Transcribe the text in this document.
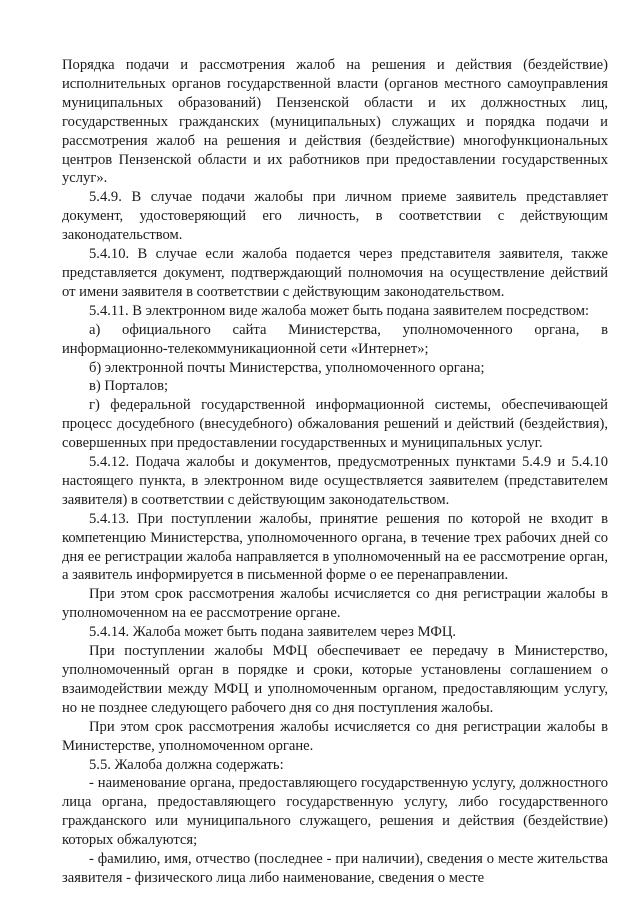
Порядка подачи и рассмотрения жалоб на решения и действия (бездействие) исполнительных органов государственной власти (органов местного самоуправления муниципальных образований) Пензенской области и их должностных лиц, государственных гражданских (муниципальных) служащих и порядка подачи и рассмотрения жалоб на решения и действия (бездействие) многофункциональных центров Пензенской области и их работников при предоставлении государственных услуг».

5.4.9. В случае подачи жалобы при личном приеме заявитель представляет документ, удостоверяющий его личность, в соответствии с действующим законодательством.

5.4.10. В случае если жалоба подается через представителя заявителя, также представляется документ, подтверждающий полномочия на осуществление действий от имени заявителя в соответствии с действующим законодательством.

5.4.11. В электронном виде жалоба может быть подана заявителем посредством:

а) официального сайта Министерства, уполномоченного органа, в информационно-телекоммуникационной сети «Интернет»;

б) электронной почты Министерства, уполномоченного органа;

в) Порталов;

г) федеральной государственной информационной системы, обеспечивающей процесс досудебного (внесудебного) обжалования решений и действий (бездействия), совершенных при предоставлении государственных и муниципальных услуг.

5.4.12. Подача жалобы и документов, предусмотренных пунктами 5.4.9 и 5.4.10 настоящего пункта, в электронном виде осуществляется заявителем (представителем заявителя) в соответствии с действующим законодательством.

5.4.13. При поступлении жалобы, принятие решения по которой не входит в компетенцию Министерства, уполномоченного органа, в течение трех рабочих дней со дня ее регистрации жалоба направляется в уполномоченный на ее рассмотрение орган, а заявитель информируется в письменной форме о ее перенаправлении.

При этом срок рассмотрения жалобы исчисляется со дня регистрации жалобы в уполномоченном на ее рассмотрение органе.

5.4.14. Жалоба может быть подана заявителем через МФЦ.

При поступлении жалобы МФЦ обеспечивает ее передачу в Министерство, уполномоченный орган в порядке и сроки, которые установлены соглашением о взаимодействии между МФЦ и уполномоченным органом, предоставляющим услугу, но не позднее следующего рабочего дня со дня поступления жалобы.

При этом срок рассмотрения жалобы исчисляется со дня регистрации жалобы в Министерстве, уполномоченном органе.

5.5. Жалоба должна содержать:

- наименование органа, предоставляющего государственную услугу, должностного лица органа, предоставляющего государственную услугу, либо государственного гражданского или муниципального служащего, решения и действия (бездействие) которых обжалуются;

- фамилию, имя, отчество (последнее - при наличии), сведения о месте жительства заявителя - физического лица либо наименование, сведения о месте
